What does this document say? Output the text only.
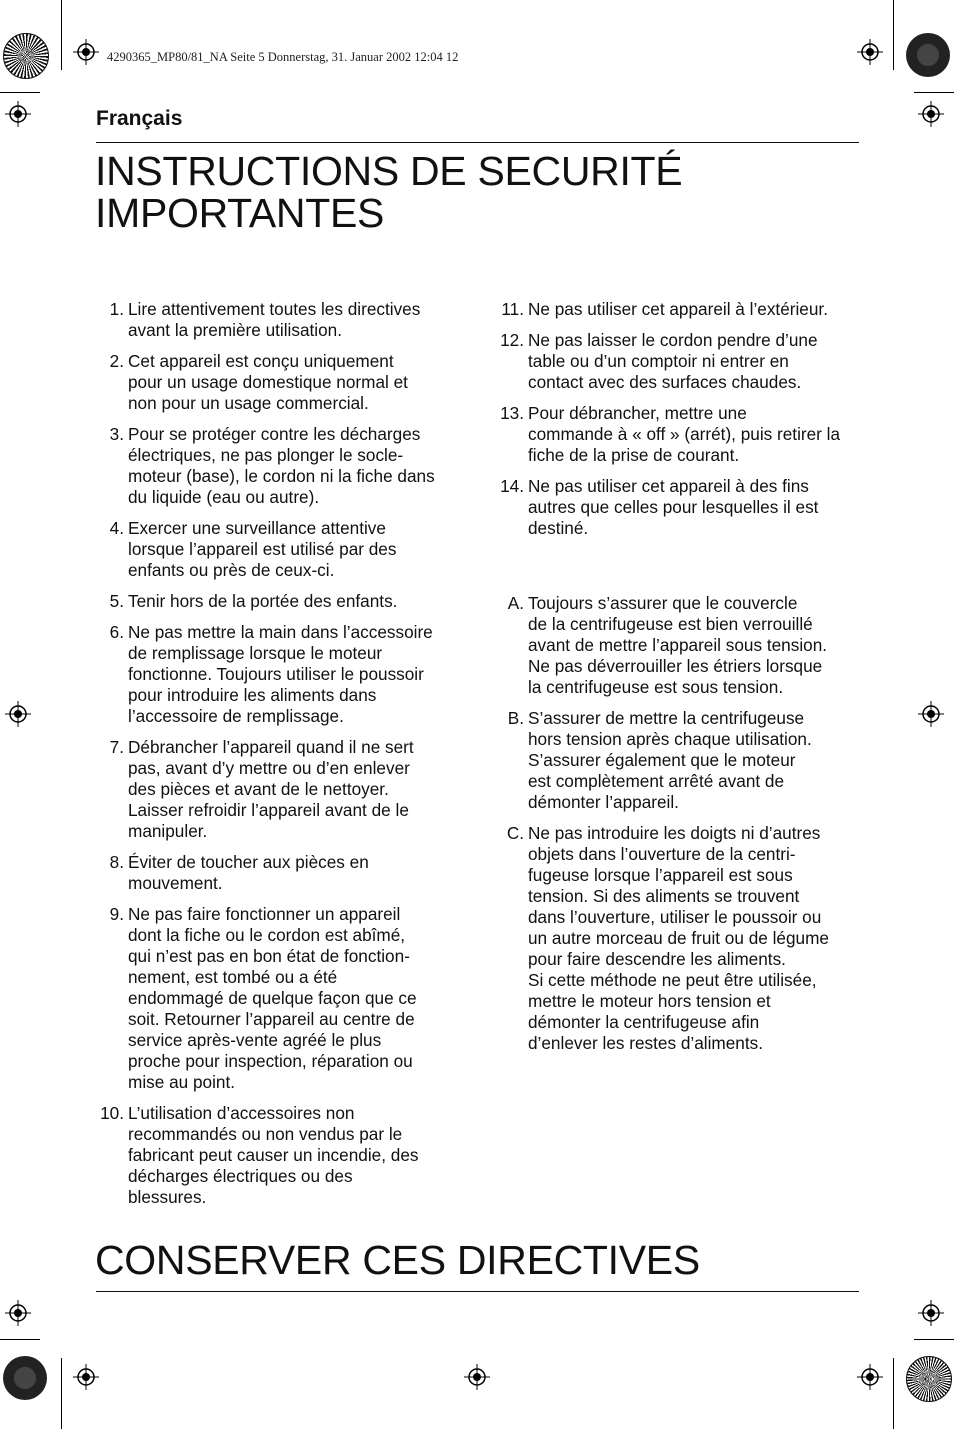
4290365_MP80/81_NA Seite 5 Donnerstag, 31. Januar 2002 12:04 12
Français
INSTRUCTIONS DE SECURITÉ IMPORTANTES
1. Lire attentivement toutes les directives
avant la première utilisation.
2. Cet appareil est conçu uniquement
pour un usage domestique normal et
non pour un usage commercial.
3. Pour se protéger contre les décharges
électriques, ne pas plonger le socle-
moteur (base), le cordon ni la fiche dans
du liquide (eau ou autre).
4. Exercer une surveillance attentive
lorsque l’appareil est utilisé par des
enfants ou près de ceux-ci.
5. Tenir hors de la portée des enfants.
6. Ne pas mettre la main dans l’accessoire
de remplissage lorsque le moteur
fonctionne. Toujours utiliser le poussoir
pour introduire les aliments dans
l’accessoire de remplissage.
7. Débrancher l’appareil quand il ne sert
pas, avant d’y mettre ou d’en enlever
des pièces et avant de le nettoyer.
Laisser refroidir l’appareil avant de le
manipuler.
8. Éviter de toucher aux pièces en
mouvement.
9. Ne pas faire fonctionner un appareil
dont la fiche ou le cordon est abîmé,
qui n’est pas en bon état de fonction-
nement, est tombé ou a été
endommagé de quelque façon que ce
soit. Retourner l’appareil au centre de
service après-vente agréé le plus
proche pour inspection, réparation ou
mise au point.
10. L’utilisation d’accessoires non
recommandés ou non vendus par le
fabricant peut causer un incendie, des
décharges électriques ou des
blessures.
11. Ne pas utiliser cet appareil à l’extérieur.
12. Ne pas laisser le cordon pendre d’une
table ou d’un comptoir ni entrer en
contact avec des surfaces chaudes.
13. Pour débrancher, mettre une
commande à « off » (arrét), puis retirer la
fiche de la prise de courant.
14. Ne pas utiliser cet appareil à des fins
autres que celles pour lesquelles il est
destiné.
A. Toujours s’assurer que le couvercle
de la centrifugeuse est bien verrouillé
avant de mettre l’appareil sous tension.
Ne pas déverrouiller les étriers lorsque
la centrifugeuse est sous tension.
B. S’assurer de mettre la centrifugeuse
hors tension après chaque utilisation.
S’assurer également que le moteur
est complètement arrêté avant de
démonter l’appareil.
C. Ne pas introduire les doigts ni d’autres
objets dans l’ouverture de la centri-
fugeuse lorsque l’appareil est sous
tension. Si des aliments se trouvent
dans l’ouverture, utiliser le poussoir ou
un autre morceau de fruit ou de légume
pour faire descendre les aliments.
Si cette méthode ne peut être utilisée,
mettre le moteur hors tension et
démonter la centrifugeuse afin
d’enlever les restes d’aliments.
CONSERVER CES DIRECTIVES
